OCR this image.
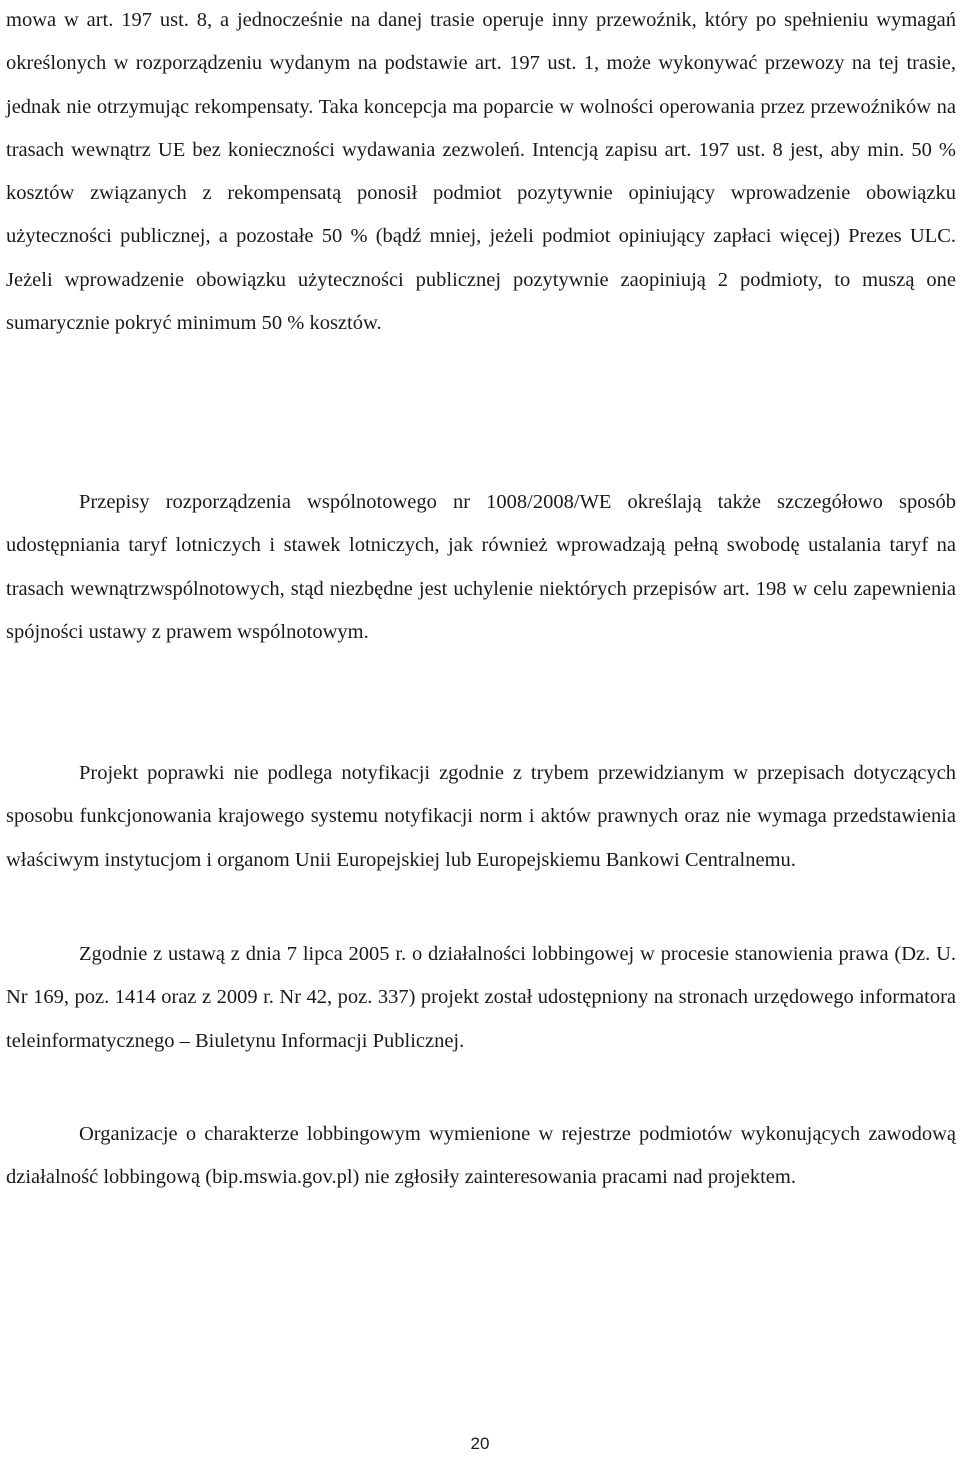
mowa w art. 197 ust. 8, a jednocześnie na danej trasie operuje inny przewoźnik, który po spełnieniu wymagań określonych w rozporządzeniu wydanym na podstawie art. 197 ust. 1, może wykonywać przewozy na tej trasie, jednak nie otrzymując rekompensaty. Taka koncepcja ma poparcie w wolności operowania przez przewoźników na trasach wewnątrz UE bez konieczności wydawania zezwoleń. Intencją zapisu art. 197 ust. 8 jest, aby min. 50 % kosztów związanych z rekompensatą ponosił podmiot pozytywnie opiniujący wprowadzenie obowiązku użyteczności publicznej, a pozostałe 50 % (bądź mniej, jeżeli podmiot opiniujący zapłaci więcej) Prezes ULC. Jeżeli wprowadzenie obowiązku użyteczności publicznej pozytywnie zaopiniują 2 podmioty, to muszą one sumarycznie pokryć minimum 50 % kosztów.

Przepisy rozporządzenia wspólnotowego nr 1008/2008/WE określają także szczegółowo sposób udostępniania taryf lotniczych i stawek lotniczych, jak również wprowadzają pełną swobodę ustalania taryf na trasach wewnątrzwspólnotowych, stąd niezbędne jest uchylenie niektórych przepisów art. 198 w celu zapewnienia spójności ustawy z prawem wspólnotowym.

Projekt poprawki nie podlega notyfikacji zgodnie z trybem przewidzianym w przepisach dotyczących sposobu funkcjonowania krajowego systemu notyfikacji norm i aktów prawnych oraz nie wymaga przedstawienia właściwym instytucjom i organom Unii Europejskiej lub Europejskiemu Bankowi Centralnemu.

Zgodnie z ustawą z dnia 7 lipca 2005 r. o działalności lobbingowej w procesie stanowienia prawa (Dz. U. Nr 169, poz. 1414 oraz z 2009 r. Nr 42, poz. 337) projekt został udostępniony na stronach urzędowego informatora teleinformatycznego – Biuletynu Informacji Publicznej.

Organizacje o charakterze lobbingowym wymienione w rejestrze podmiotów wykonujących zawodową działalność lobbingową (bip.mswia.gov.pl) nie zgłosiły zainteresowania pracami nad projektem.

20
